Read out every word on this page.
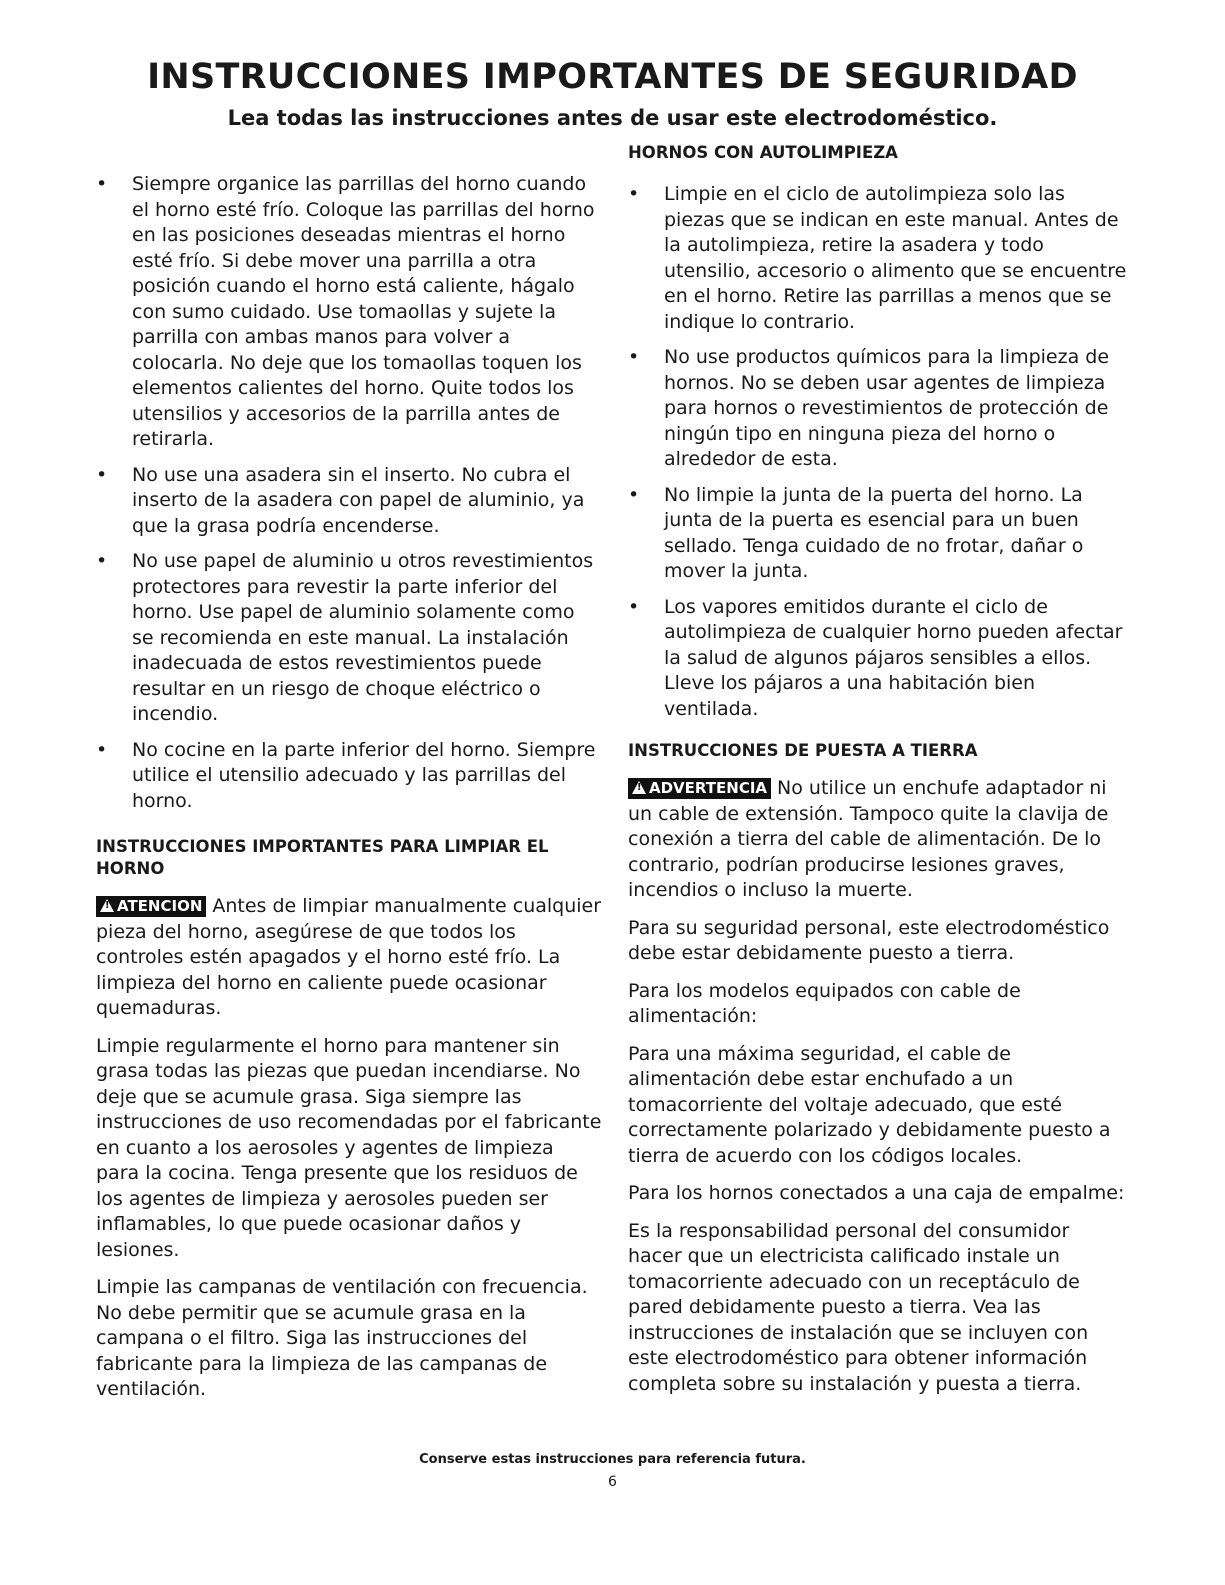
INSTRUCCIONES IMPORTANTES DE SEGURIDAD
Lea todas las instrucciones antes de usar este electrodoméstico.
• Siempre organice las parrillas del horno cuando el horno esté frío. Coloque las parrillas del horno en las posiciones deseadas mientras el horno esté frío. Si debe mover una parrilla a otra posición cuando el horno está caliente, hágalo con sumo cuidado. Use tomaollas y sujete la parrilla con ambas manos para volver a colocarla. No deje que los tomaollas toquen los elementos calientes del horno. Quite todos los utensilios y accesorios de la parrilla antes de retirarla.
• No use una asadera sin el inserto. No cubra el inserto de la asadera con papel de aluminio, ya que la grasa podría encenderse.
• No use papel de aluminio u otros revestimientos protectores para revestir la parte inferior del horno. Use papel de aluminio solamente como se recomienda en este manual. La instalación inadecuada de estos revestimientos puede resultar en un riesgo de choque eléctrico o incendio.
• No cocine en la parte inferior del horno. Siempre utilice el utensilio adecuado y las parrillas del horno.
INSTRUCCIONES IMPORTANTES PARA LIMPIAR EL HORNO

!ATENCION Antes de limpiar manualmente cualquier pieza del horno, asegúrese de que todos los controles estén apagados y el horno esté frío. La limpieza del horno en caliente puede ocasionar quemaduras.

Limpie regularmente el horno para mantener sin grasa todas las piezas que puedan incendiarse. No deje que se acumule grasa. Siga siempre las instrucciones de uso recomendadas por el fabricante en cuanto a los aerosoles y agentes de limpieza para la cocina. Tenga presente que los residuos de los agentes de limpieza y aerosoles pueden ser inflamables, lo que puede ocasionar daños y lesiones.

Limpie las campanas de ventilación con frecuencia. No debe permitir que se acumule grasa en la campana o el filtro. Siga las instrucciones del fabricante para la limpieza de las campanas de ventilación.

HORNOS CON AUTOLIMPIEZA
• Limpie en el ciclo de autolimpieza solo las piezas que se indican en este manual. Antes de la autolimpieza, retire la asadera y todo utensilio, accesorio o alimento que se encuentre en el horno. Retire las parrillas a menos que se indique lo contrario.
• No use productos químicos para la limpieza de hornos. No se deben usar agentes de limpieza para hornos o revestimientos de protección de ningún tipo en ninguna pieza del horno o alrededor de esta.
• No limpie la junta de la puerta del horno. La junta de la puerta es esencial para un buen sellado. Tenga cuidado de no frotar, dañar o mover la junta.
• Los vapores emitidos durante el ciclo de autolimpieza de cualquier horno pueden afectar la salud de algunos pájaros sensibles a ellos. Lleve los pájaros a una habitación bien ventilada.
INSTRUCCIONES DE PUESTA A TIERRA

!ADVERTENCIA No utilice un enchufe adaptador ni un cable de extensión. Tampoco quite la clavija de conexión a tierra del cable de alimentación. De lo contrario, podrían producirse lesiones graves, incendios o incluso la muerte.

Para su seguridad personal, este electrodoméstico debe estar debidamente puesto a tierra.

Para los modelos equipados con cable de alimentación:

Para una máxima seguridad, el cable de alimentación debe estar enchufado a un tomacorriente del voltaje adecuado, que esté correctamente polarizado y debidamente puesto a tierra de acuerdo con los códigos locales.

Para los hornos conectados a una caja de empalme:

Es la responsabilidad personal del consumidor hacer que un electricista calificado instale un tomacorriente adecuado con un receptáculo de pared debidamente puesto a tierra. Vea las instrucciones de instalación que se incluyen con este electrodoméstico para obtener información completa sobre su instalación y puesta a tierra.

Conserve estas instrucciones para referencia futura.
6
